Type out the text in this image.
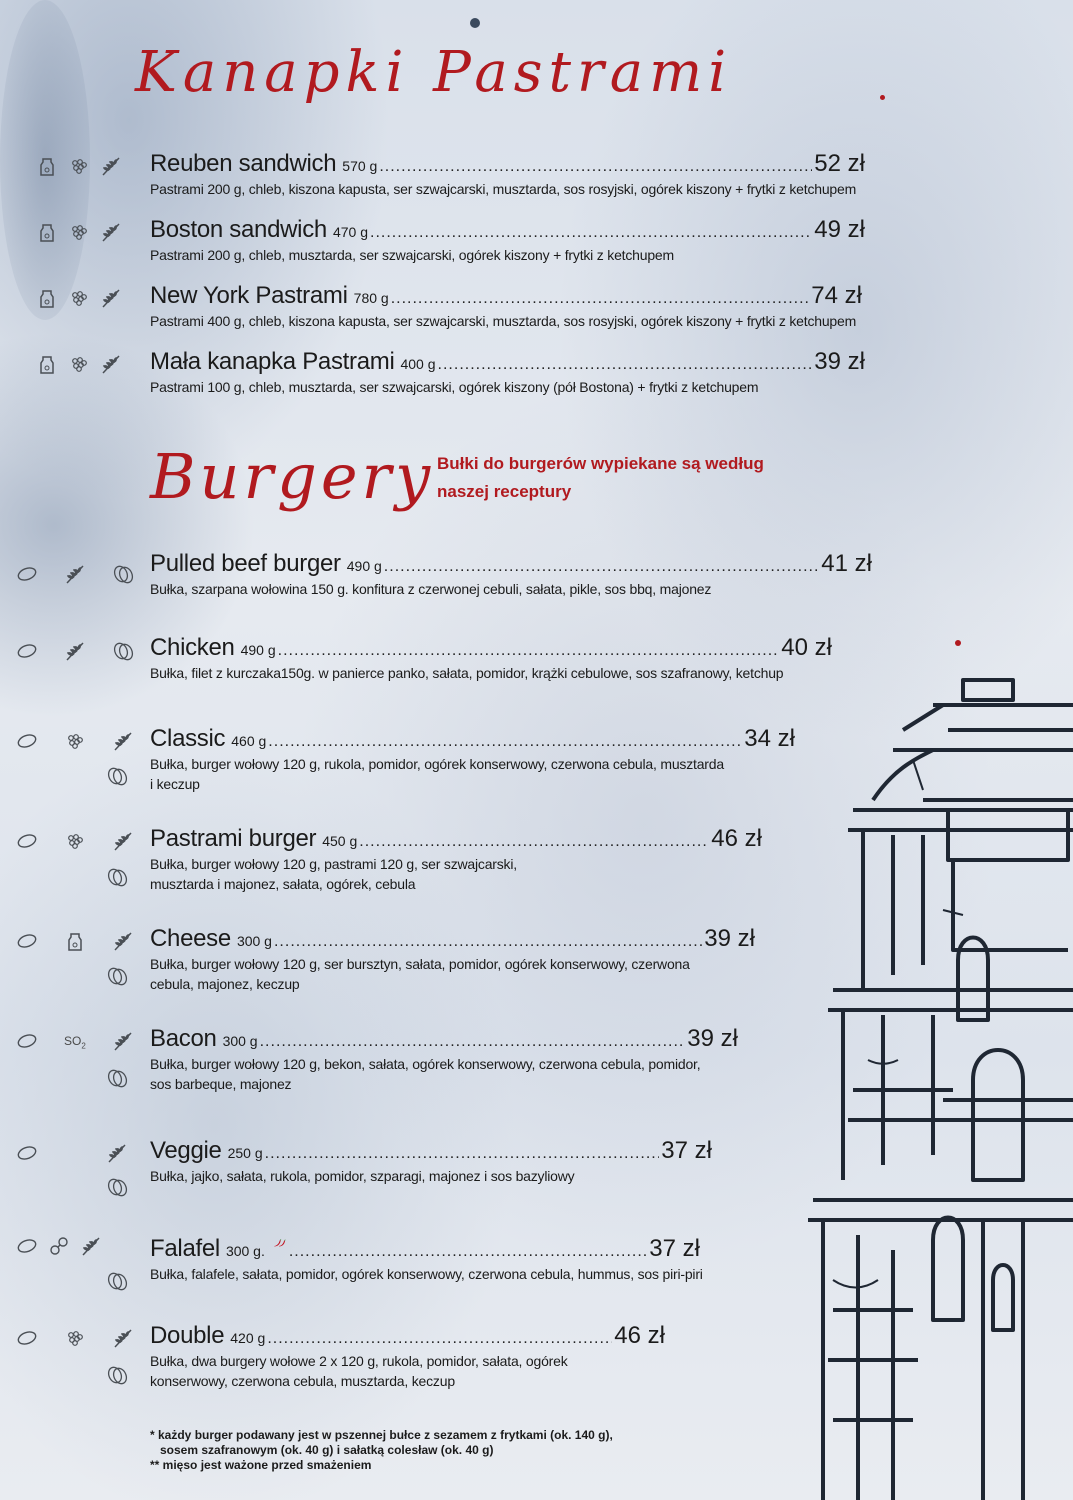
Kanapki Pastrami
Reuben sandwich 570 g .....	52 zł
Pastrami 200 g, chleb, kiszona kapusta, ser szwajcarski, musztarda, sos rosyjski, ogórek kiszony + frytki z ketchupem
Boston sandwich 470 g .....	49 zł
Pastrami 200 g, chleb, musztarda, ser szwajcarski, ogórek kiszony + frytki z ketchupem
New York Pastrami 780 g .....	74 zł
Pastrami 400 g, chleb, kiszona kapusta, ser szwajcarski, musztarda, sos rosyjski, ogórek kiszony + frytki z ketchupem
Mała kanapka Pastrami 400 g .....	39 zł
Pastrami 100 g, chleb, musztarda, ser szwajcarski, ogórek kiszony (pół Bostona) + frytki z ketchupem
Burgery Bułki do burgerów wypiekane są według naszej receptury
Pulled beef burger 490 g .....	41 zł
Bułka, szarpana wołowina 150 g. konfitura z czerwonej cebuli, sałata, pikle, sos bbq, majonez
Chicken 490 g .....	40 zł
Bułka, filet z kurczaka150g. w panierce panko, sałata, pomidor, krążki cebulowe, sos szafranowy, ketchup
Classic 460 g .....	34 zł
Bułka, burger wołowy 120 g, rukola, pomidor, ogórek konserwowy, czerwona cebula, musztarda i keczup
Pastrami burger 450 g .....	46 zł
Bułka, burger wołowy 120 g, pastrami 120 g, ser szwajcarski, musztarda i majonez, sałata, ogórek, cebula
Cheese 300 g .....	39 zł
Bułka, burger wołowy 120 g, ser bursztyn, sałata, pomidor, ogórek konserwowy, czerwona cebula, majonez, keczup
$SO_2$	Bacon 300 g .....	39 zł
Bułka, burger wołowy 120 g, bekon, sałata, ogórek konserwowy, czerwona cebula, pomidor, sos barbeque, majonez
Veggie 250 g .....	37 zł
Bułka, jajko, sałata, rukola, pomidor, szparagi, majonez i sos bazyliowy
Falafel 300 g. .....	37 zł
Bułka, falafele, sałata, pomidor, ogórek konserwowy, czerwona cebula, hummus, sos piri-piri
Double 420 g .....	46 zł
Bułka, dwa burgery wołowe 2 x 120 g, rukola, pomidor, sałata, ogórek konserwowy, czerwona cebula, musztarda, keczup
* każdy burger podawany jest w pszennej bułce z sezamem z frytkami (ok. 140 g),
sosem szafranowym (ok. 40 g) i sałatką colesław (ok. 40 g)
** mięso jest ważone przed smażeniem
